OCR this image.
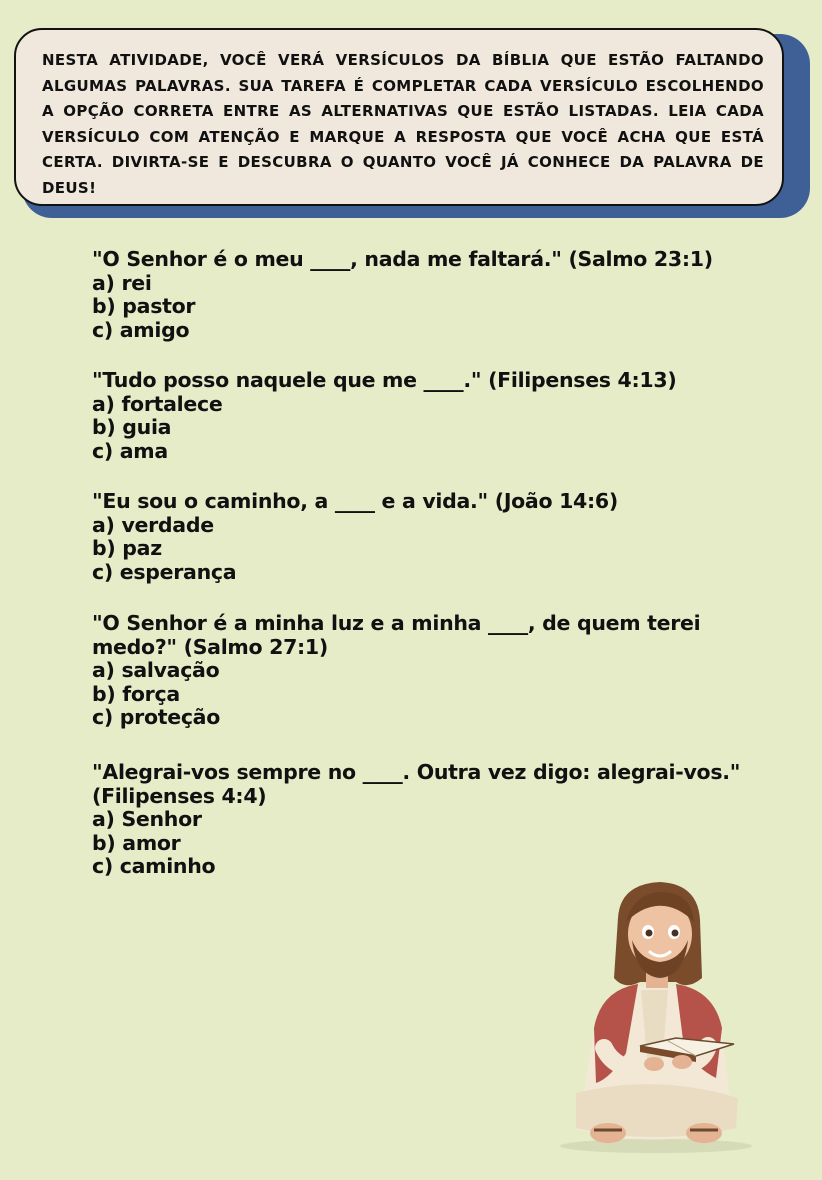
NESTA ATIVIDADE, VOCÊ VERÁ VERSÍCULOS DA BÍBLIA QUE ESTÃO FALTANDO ALGUMAS PALAVRAS. SUA TAREFA É COMPLETAR CADA VERSÍCULO ESCOLHENDO A OPÇÃO CORRETA ENTRE AS ALTERNATIVAS QUE ESTÃO LISTADAS. LEIA CADA VERSÍCULO COM ATENÇÃO E MARQUE A RESPOSTA QUE VOCÊ ACHA QUE ESTÁ CERTA. DIVIRTA-SE E DESCUBRA O QUANTO VOCÊ JÁ CONHECE DA PALAVRA DE DEUS!

"O Senhor é o meu ____, nada me faltará." (Salmo 23:1)
a) rei
b) pastor
c) amigo
"Tudo posso naquele que me ____." (Filipenses 4:13)
a) fortalece
b) guia
c) ama
"Eu sou o caminho, a ____ e a vida." (João 14:6)
a) verdade
b) paz
c) esperança
"O Senhor é a minha luz e a minha ____, de quem terei medo?" (Salmo 27:1)
a) salvação
b) força
c) proteção
"Alegrai-vos sempre no ____. Outra vez digo: alegrai-vos." (Filipenses 4:4)
a) Senhor
b) amor
c) caminho
